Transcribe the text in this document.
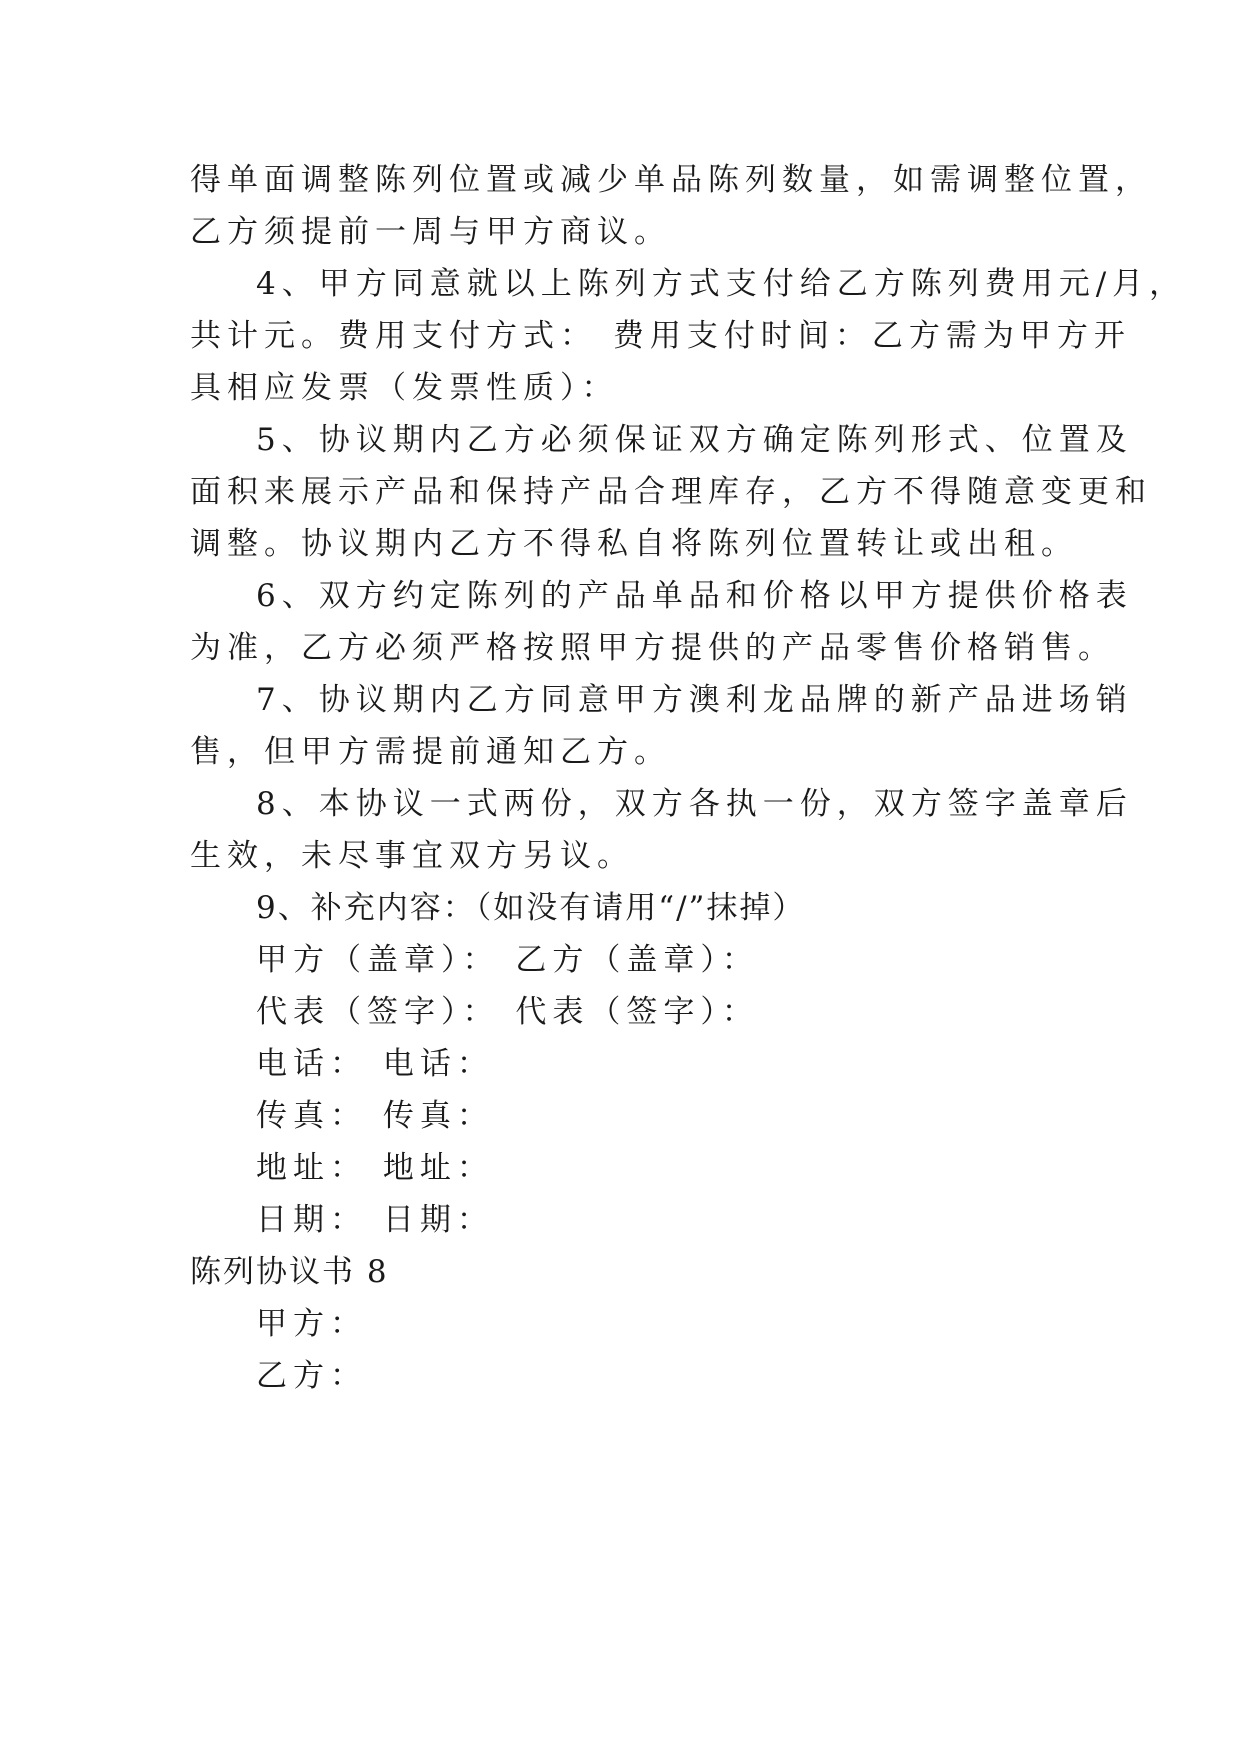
得单面调整陈列位置或减少单品陈列数量，如需调整位置，
乙方须提前一周与甲方商议。
4、甲方同意就以上陈列方式支付给乙方陈列费用元/月，
共计元。费用支付方式： 费用支付时间：乙方需为甲方开
具相应发票（发票性质）：
5、协议期内乙方必须保证双方确定陈列形式、位置及
面积来展示产品和保持产品合理库存，乙方不得随意变更和
调整。协议期内乙方不得私自将陈列位置转让或出租。
6、双方约定陈列的产品单品和价格以甲方提供价格表
为准，乙方必须严格按照甲方提供的产品零售价格销售。
7、协议期内乙方同意甲方澳利龙品牌的新产品进场销
售，但甲方需提前通知乙方。
8、本协议一式两份，双方各执一份，双方签字盖章后
生效，未尽事宜双方另议。
9、补充内容：（如没有请用“/”抹掉）
甲方（盖章）： 乙方（盖章）：
代表（签字）： 代表（签字）：
电话： 电话：
传真： 传真：
地址： 地址：
日期： 日期：
陈列协议书 8
甲方：
乙方：
